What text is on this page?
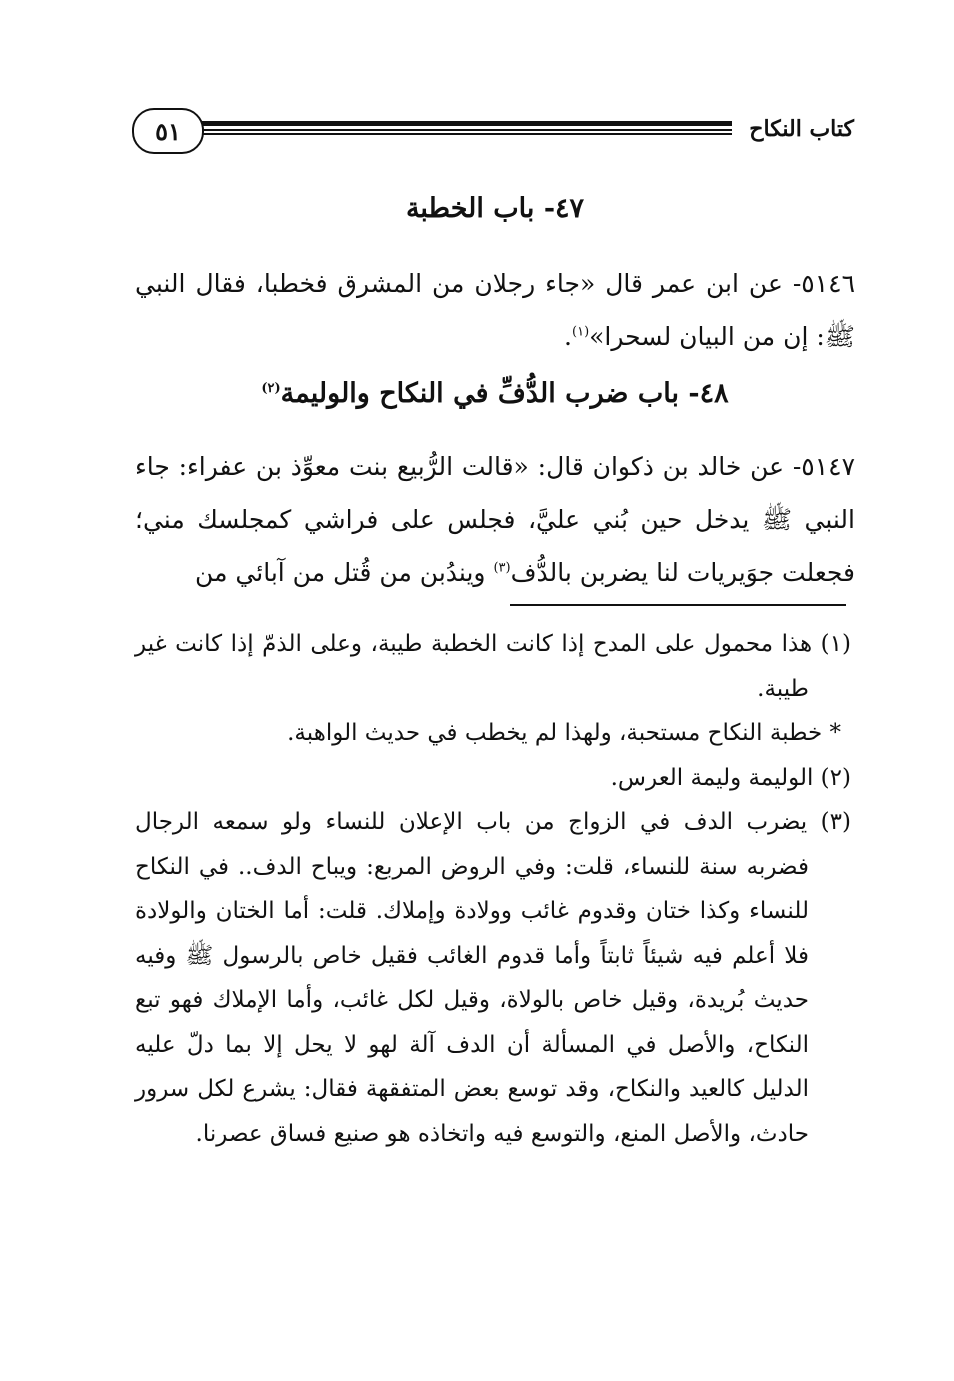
٥١	كتاب النكاح
٤٧- باب الخطبة
٥١٤٦- عن ابن عمر قال «جاء رجلان من المشرق فخطبا، فقال النبي ﷺ: إن من البيان لسحرا»$^{(١)}$.
٤٨- باب ضرب الدُّفِّ في النكاح والوليمة$^{(٢)}$
٥١٤٧- عن خالد بن ذكوان قال: «قالت الرُّبيع بنت معوِّذ بن عفراء: جاء النبي ﷺ يدخل حين بُني عليَّ، فجلس على فراشي كمجلسك مني؛ فجعلت جوَيريات لنا يضربن بالدُّف$^{(٣)}$ ويندُبن من قُتل من آبائي من
(١) هذا محمول على المدح إذا كانت الخطبة طيبة، وعلى الذمّ إذا كانت غير طيبة.
* خطبة النكاح مستحبة، ولهذا لم يخطب في حديث الواهبة.
(٢) الوليمة وليمة العرس.
(٣) يضرب الدف في الزواج من باب الإعلان للنساء ولو سمعه الرجال فضربه سنة للنساء، قلت: وفي الروض المربع: ويباح الدف.. في النكاح للنساء وكذا ختان وقدوم غائب وولادة وإملاك. قلت: أما الختان والولادة فلا أعلم فيه شيئاً ثابتاً وأما قدوم الغائب فقيل خاص بالرسول ﷺ وفيه حديث بُريدة، وقيل خاص بالولاة، وقيل لكل غائب، وأما الإملاك فهو تبع النكاح، والأصل في المسألة أن الدف آلة لهو لا يحل إلا بما دلّ عليه الدليل كالعيد والنكاح، وقد توسع بعض المتفقهة فقال: يشرع لكل سرور حادث، والأصل المنع، والتوسع فيه واتخاذه هو صنيع فساق عصرنا.
